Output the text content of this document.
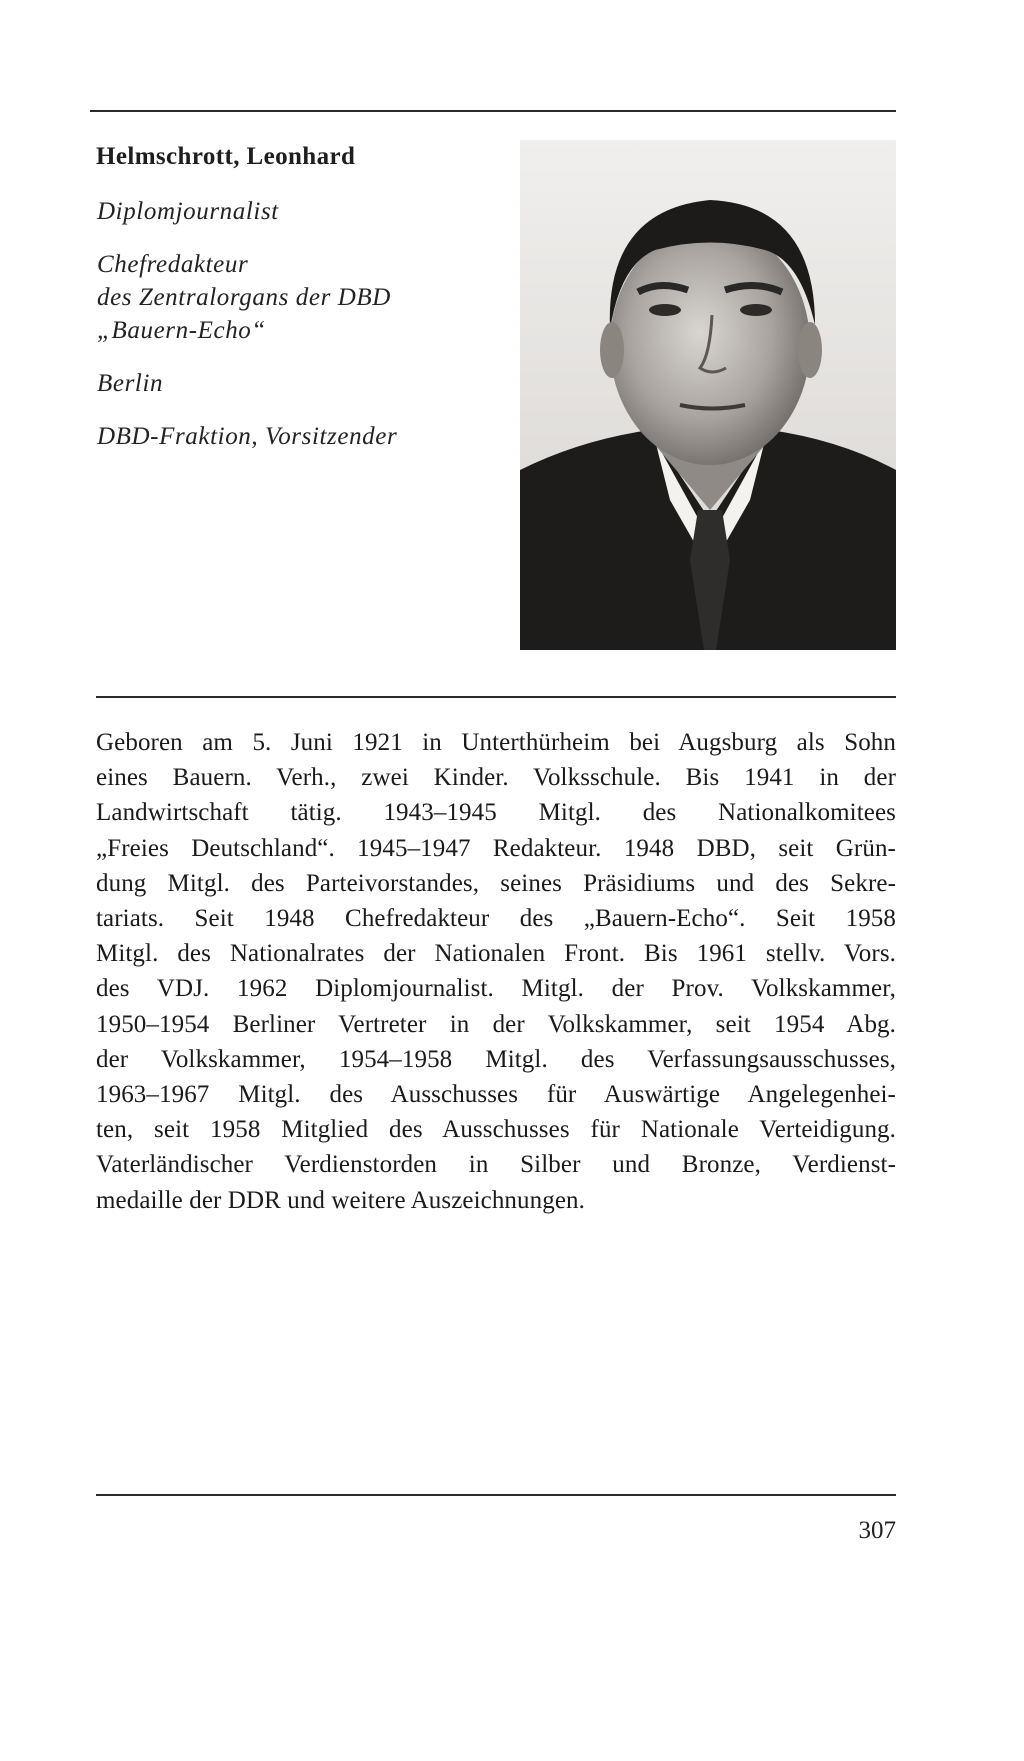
Helmschrott, Leonhard
Diplomjournalist
Chefredakteur
des Zentralorgans der DBD
„Bauern-Echo“
Berlin
DBD-Fraktion, Vorsitzender
Geboren am 5. Juni 1921 in Unterthürheim bei Augsburg als Sohn
eines Bauern. Verh., zwei Kinder. Volksschule. Bis 1941 in der
Landwirtschaft tätig. 1943–1945 Mitgl. des Nationalkomitees
„Freies Deutschland“. 1945–1947 Redakteur. 1948 DBD, seit Grün-
dung Mitgl. des Parteivorstandes, seines Präsidiums und des Sekre-
tariats. Seit 1948 Chefredakteur des „Bauern-Echo“. Seit 1958
Mitgl. des Nationalrates der Nationalen Front. Bis 1961 stellv. Vors.
des VDJ. 1962 Diplomjournalist. Mitgl. der Prov. Volkskammer,
1950–1954 Berliner Vertreter in der Volkskammer, seit 1954 Abg.
der Volkskammer, 1954–1958 Mitgl. des Verfassungsausschusses,
1963–1967 Mitgl. des Ausschusses für Auswärtige Angelegenhei-
ten, seit 1958 Mitglied des Ausschusses für Nationale Verteidigung.
Vaterländischer Verdienstorden in Silber und Bronze, Verdienst-
medaille der DDR und weitere Auszeichnungen.
307
